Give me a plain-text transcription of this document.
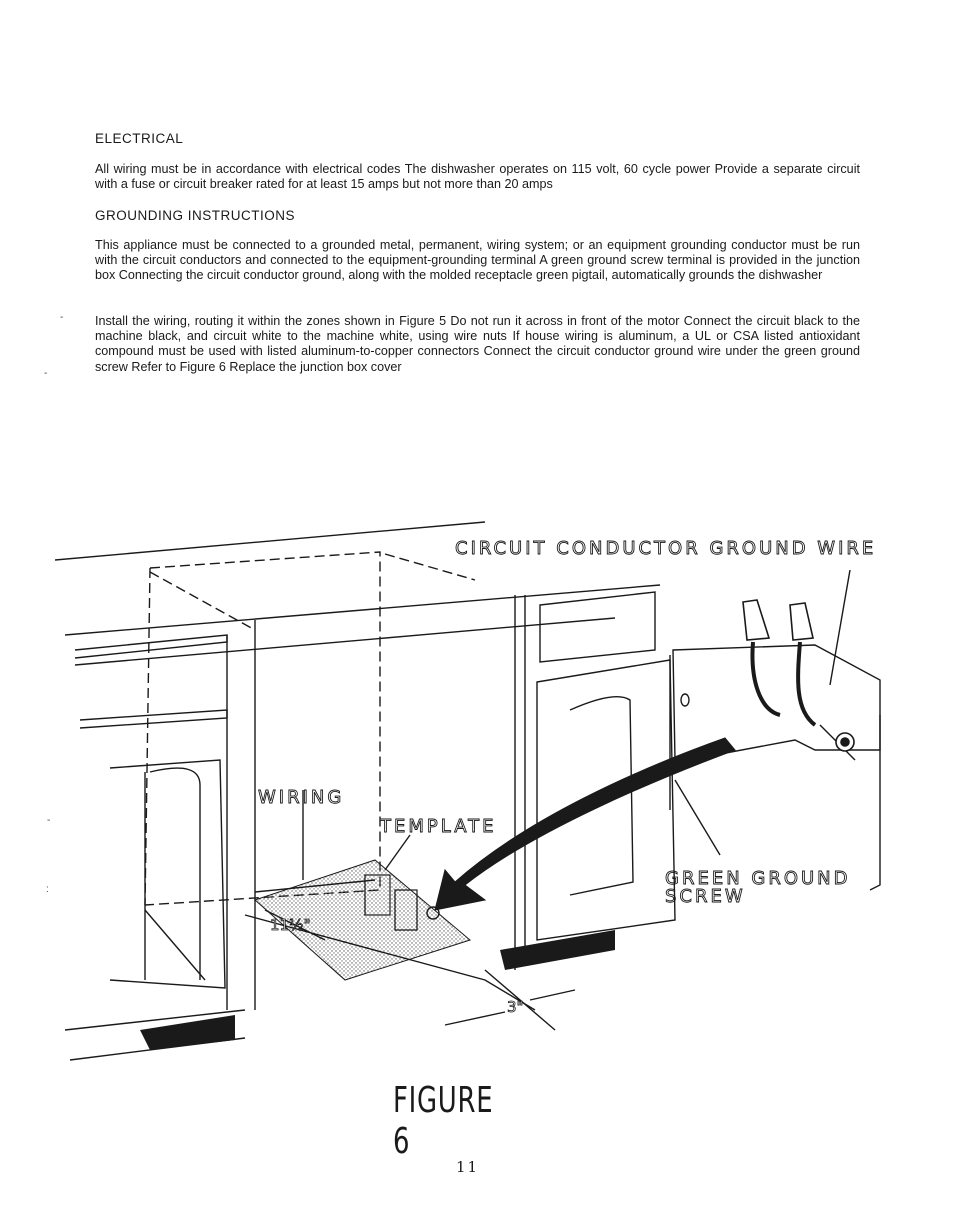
ELECTRICAL

All wiring must be in accordance with electrical codes The dishwasher operates on 115 volt, 60 cycle power Provide a separate circuit with a fuse or circuit breaker rated for at least 15 amps but not more than 20 amps

GROUNDING INSTRUCTIONS

This appliance must be connected to a grounded metal, permanent, wiring system; or an equipment grounding conductor must be run with the circuit conductors and connected to the equipment-grounding terminal A green ground screw terminal is provided in the junction box Connecting the circuit conductor ground, along with the molded receptacle green pigtail, automatically grounds the dishwasher

Install the wiring, routing it within the zones shown in Figure 5 Do not run it across in front of the motor Connect the circuit black to the machine black, and circuit white to the machine white, using wire nuts If house wiring is aluminum, a UL or CSA listed antioxidant compound must be used with listed aluminum-to-copper connectors Connect the circuit conductor ground wire under the green ground screw Refer to Figure 6 Replace the junction box cover

-
-
-
:
CIRCUIT CONDUCTOR GROUND WIRE
WIRING
TEMPLATE
GREEN GROUND
SCREW
11½"
3"
FIGURE 6
11
